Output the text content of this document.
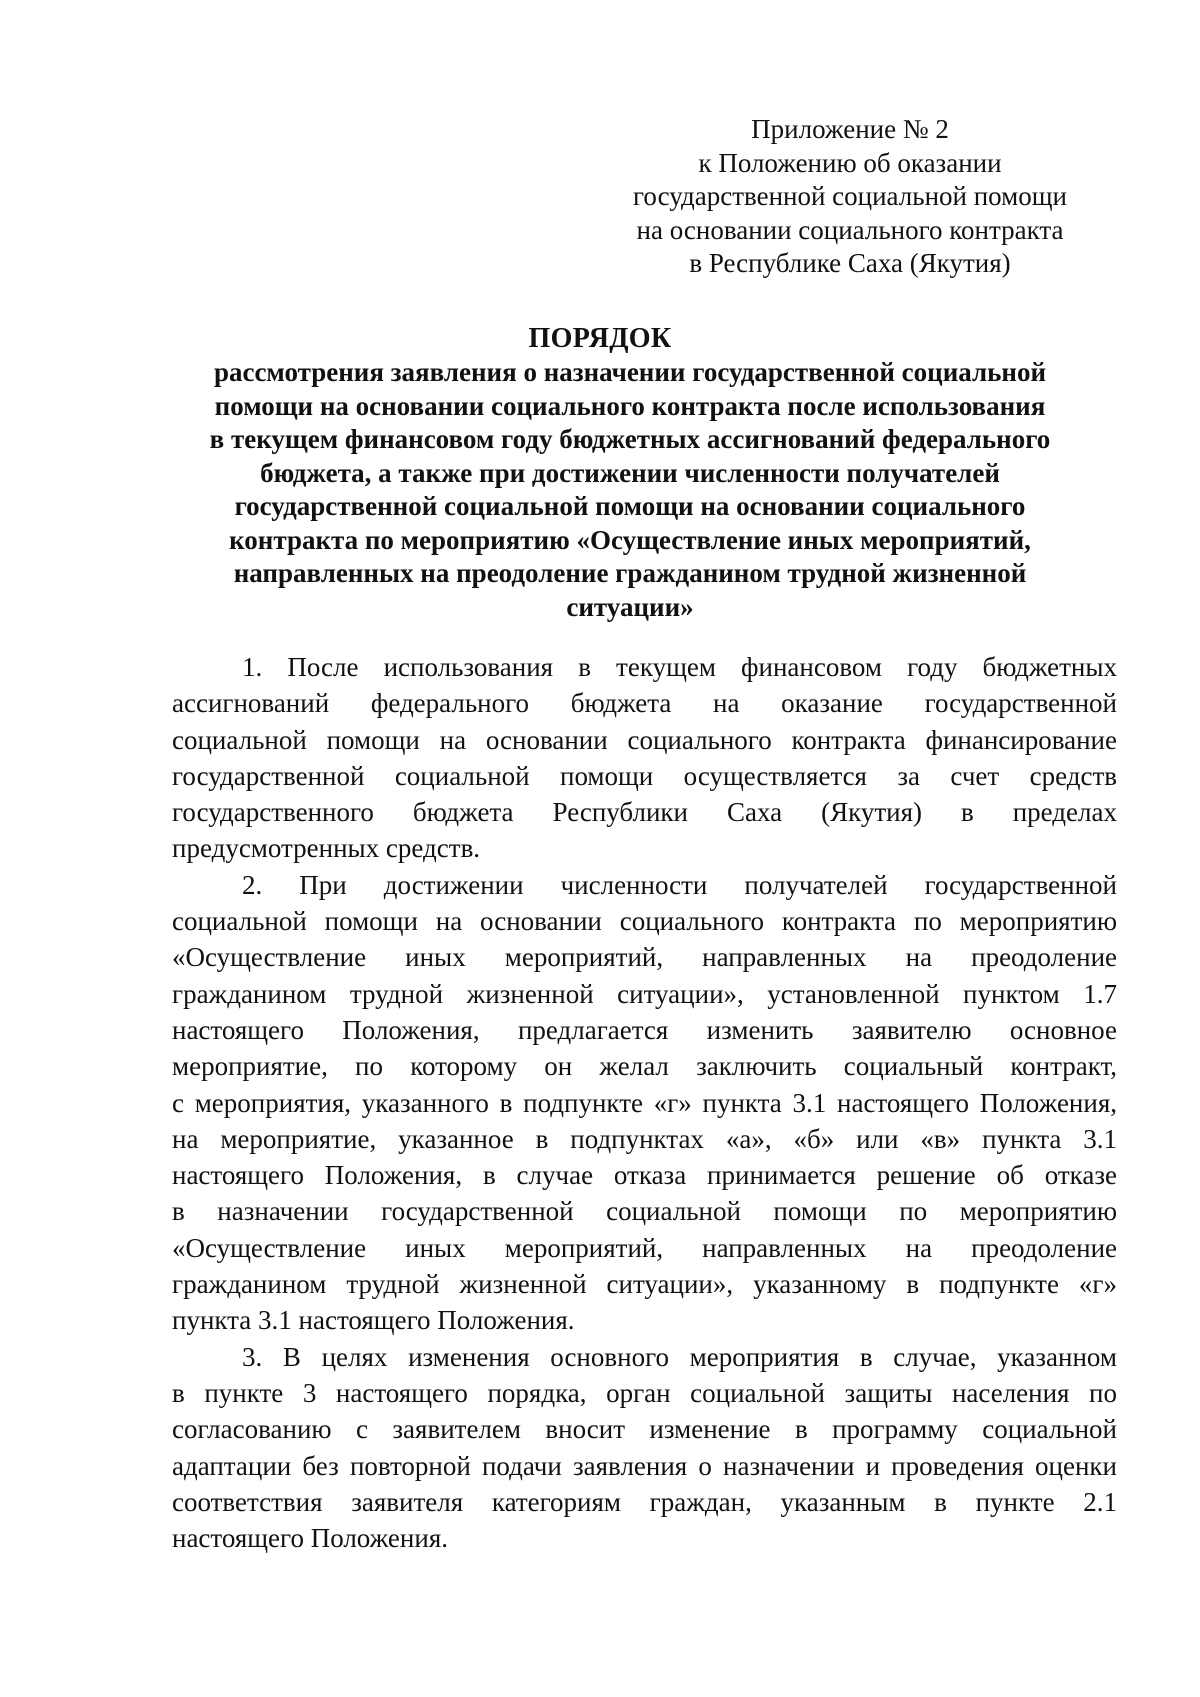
Приложение № 2
к Положению об оказании
государственной социальной помощи
на основании социального контракта
в Республике Саха (Якутия)
ПОРЯДОК
рассмотрения заявления о назначении государственной социальной
помощи на основании социального контракта после использования
в текущем финансовом году бюджетных ассигнований федерального
бюджета, а также при достижении численности получателей
государственной социальной помощи на основании социального
контракта по мероприятию «Осуществление иных мероприятий,
направленных на преодоление гражданином трудной жизненной
ситуации»

1. После использования в текущем финансовом году бюджетных
ассигнований федерального бюджета на оказание государственной
социальной помощи на основании социального контракта финансирование
государственной социальной помощи осуществляется за счет средств
государственного бюджета Республики Саха (Якутия) в пределах
предусмотренных средств.

2. При достижении численности получателей государственной
социальной помощи на основании социального контракта по мероприятию
«Осуществление иных мероприятий, направленных на преодоление
гражданином трудной жизненной ситуации», установленной пунктом 1.7
настоящего Положения, предлагается изменить заявителю основное
мероприятие, по которому он желал заключить социальный контракт,
с мероприятия, указанного в подпункте «г» пункта 3.1 настоящего Положения,
на мероприятие, указанное в подпунктах «а», «б» или «в» пункта 3.1
настоящего Положения, в случае отказа принимается решение об отказе
в назначении государственной социальной помощи по мероприятию
«Осуществление иных мероприятий, направленных на преодоление
гражданином трудной жизненной ситуации», указанному в подпункте «г»
пункта 3.1 настоящего Положения.

3. В целях изменения основного мероприятия в случае, указанном
в пункте 3 настоящего порядка, орган социальной защиты населения по
согласованию с заявителем вносит изменение в программу социальной
адаптации без повторной подачи заявления о назначении и проведения оценки
соответствия заявителя категориям граждан, указанным в пункте 2.1
настоящего Положения.
